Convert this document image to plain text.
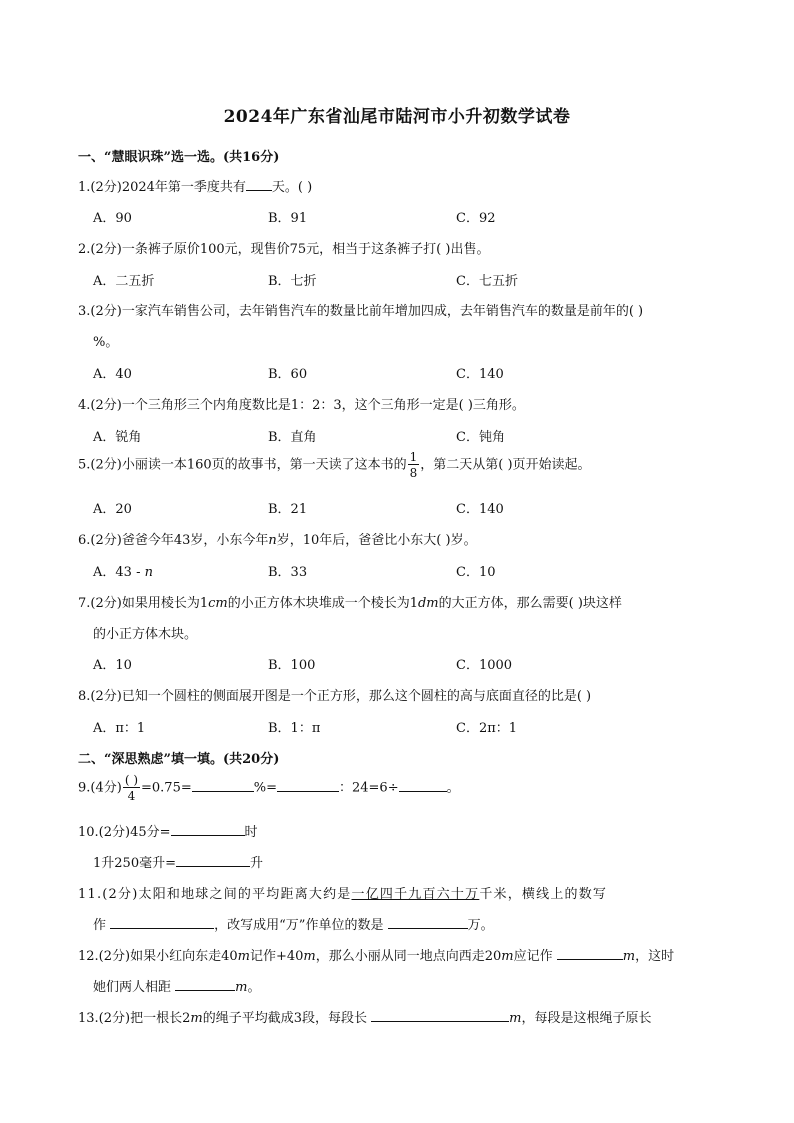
2024年广东省汕尾市陆河市小升初数学试卷
一、“慧眼识珠”选一选。(共16分)
1.(2分)2024年第一季度共有 天。( )
A．90	B．91	C．92
2.(2分)一条裤子原价100元，现售价75元，相当于这条裤子打( )出售。
A．二五折	B．七折	C．七五折
3.(2分)一家汽车销售公司，去年销售汽车的数量比前年增加四成，去年销售汽车的数量是前年的( )
%。
A．40	B．60	C．140
4.(2分)一个三角形三个内角度数比是1：2：3，这个三角形一定是( )三角形。
A．锐角	B．直角	C．钝角
5.(2分)小丽读一本160页的故事书，第一天读了这本书的 $\frac{1}{8}$ ，第二天从第( )页开始读起。
A．20	B．21	C．140
6.(2分)爸爸今年43岁，小东今年n岁，10年后，爸爸比小东大( )岁。
A．43 - n	B．33	C．10
7.(2分)如果用棱长为1cm的小正方体木块堆成一个棱长为1dm的大正方体，那么需要( )块这样
的小正方体木块。
A．10	B．100	C．1000
8.(2分)已知一个圆柱的侧面展开图是一个正方形，那么这个圆柱的高与底面直径的比是( )
A．π：1	B．1：π	C．2π：1
二、“深思熟虑”填一填。(共20分)
9.(4分) $\frac{( )}{4} =0.75=$	%=	：24=6÷	。
10.(2分)45分=	时
1升250毫升=	升
11.(2分)太阳和地球之间的平均距离大约是一亿四千九百六十万千米，横线上的数写
作	，改写成用“万”作单位的数是	万。
12.(2分)如果小红向东走40m记作+40m，那么小丽从同一地点向西走20m应记作	m，这时
她们两人相距	m。
13.(2分)把一根长2m的绳子平均截成3段，每段长	m，每段是这根绳子原长
